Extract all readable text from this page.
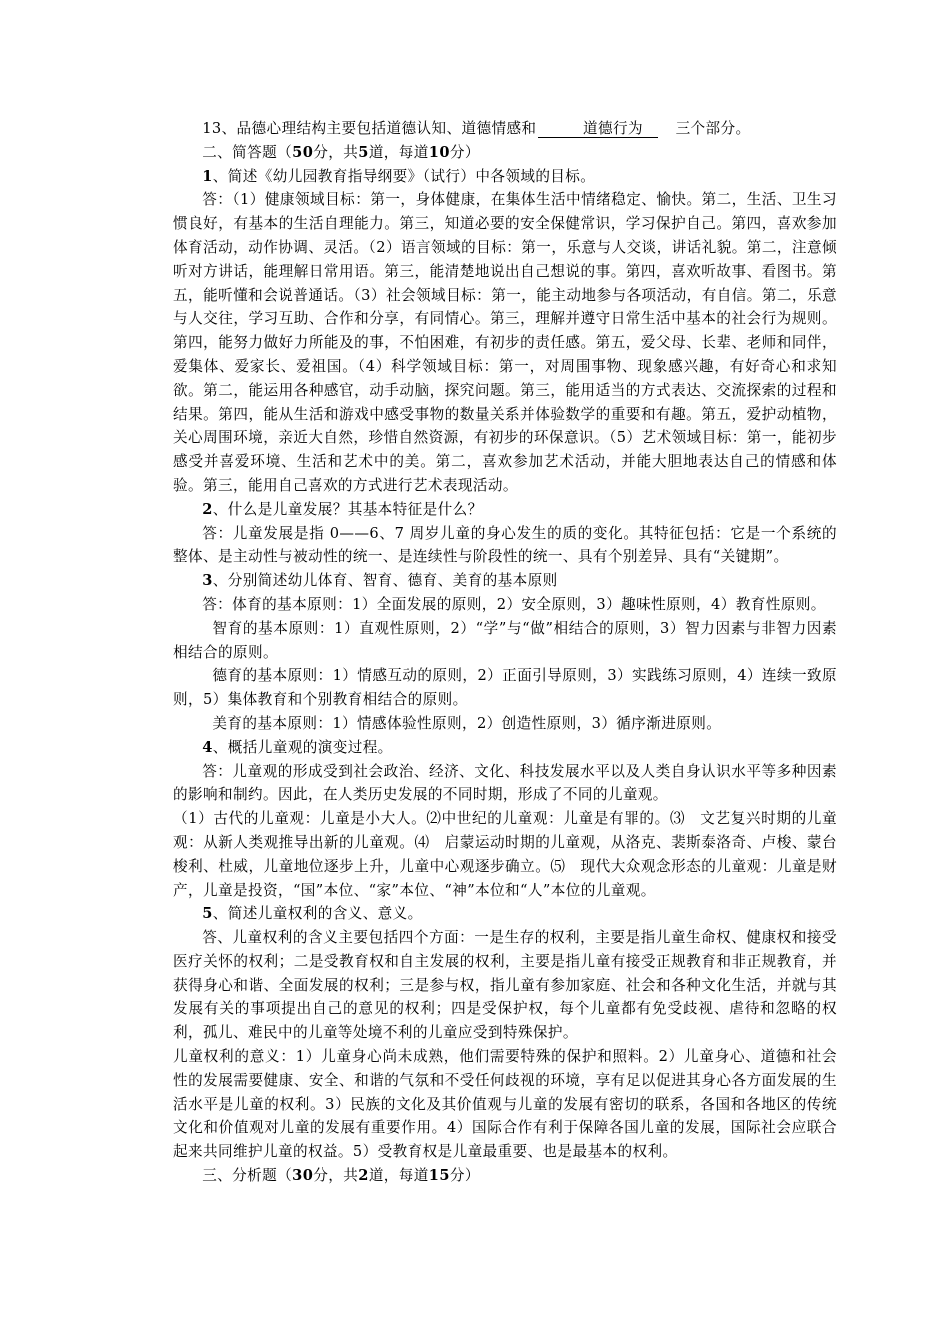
13、品德心理结构主要包括道德认知、道德情感和	道德行为 三个部分。

二、简答题（50分，共5道，每道10分）

1、简述《幼儿园教育指导纲要》（试行）中各领域的目标。

答：（1）健康领域目标：第一，身体健康，在集体生活中情绪稳定、愉快。第二，生活、卫生习惯良好，有基本的生活自理能力。第三，知道必要的安全保健常识，学习保护自己。第四，喜欢参加体育活动，动作协调、灵活。（2）语言领域的目标：第一，乐意与人交谈，讲话礼貌。第二，注意倾听对方讲话，能理解日常用语。第三，能清楚地说出自己想说的事。第四，喜欢听故事、看图书。第五，能听懂和会说普通话。（3）社会领域目标：第一，能主动地参与各项活动，有自信。第二，乐意与人交往，学习互助、合作和分享，有同情心。第三，理解并遵守日常生活中基本的社会行为规则。第四，能努力做好力所能及的事，不怕困难，有初步的责任感。第五，爱父母、长辈、老师和同伴，爱集体、爱家长、爱祖国。（4）科学领域目标：第一，对周围事物、现象感兴趣，有好奇心和求知欲。第二，能运用各种感官，动手动脑，探究问题。第三，能用适当的方式表达、交流探索的过程和结果。第四，能从生活和游戏中感受事物的数量关系并体验数学的重要和有趣。第五，爱护动植物，关心周围环境，亲近大自然，珍惜自然资源，有初步的环保意识。（5）艺术领域目标：第一，能初步感受并喜爱环境、生活和艺术中的美。第二，喜欢参加艺术活动，并能大胆地表达自己的情感和体验。第三，能用自己喜欢的方式进行艺术表现活动。

2、什么是儿童发展？其基本特征是什么？

答：儿童发展是指 0——6、7 周岁儿童的身心发生的质的变化。其特征包括：它是一个系统的整体、是主动性与被动性的统一、是连续性与阶段性的统一、具有个别差异、具有“关键期”。

3、分别简述幼儿体育、智育、德育、美育的基本原则

答：体育的基本原则：1）全面发展的原则，2）安全原则，3）趣味性原则，4）教育性原则。

智育的基本原则：1）直观性原则，2）“学”与“做”相结合的原则，3）智力因素与非智力因素相结合的原则。

德育的基本原则：1）情感互动的原则，2）正面引导原则，3）实践练习原则，4）连续一致原则，5）集体教育和个别教育相结合的原则。

美育的基本原则：1）情感体验性原则，2）创造性原则，3）循序渐进原则。

4、概括儿童观的演变过程。

答：儿童观的形成受到社会政治、经济、文化、科技发展水平以及人类自身认识水平等多种因素的影响和制约。因此，在人类历史发展的不同时期，形成了不同的儿童观。

（1）古代的儿童观：儿童是小大人。⑵中世纪的儿童观：儿童是有罪的。⑶　文艺复兴时期的儿童观：从新人类观推导出新的儿童观。⑷　启蒙运动时期的儿童观，从洛克、裴斯泰洛奇、卢梭、蒙台梭利、杜威，儿童地位逐步上升，儿童中心观逐步确立。⑸　现代大众观念形态的儿童观：儿童是财产，儿童是投资，“国”本位、“家”本位、“神”本位和“人”本位的儿童观。

5、简述儿童权利的含义、意义。

答、儿童权利的含义主要包括四个方面：一是生存的权利，主要是指儿童生命权、健康权和接受医疗关怀的权利；二是受教育权和自主发展的权利，主要是指儿童有接受正规教育和非正规教育，并获得身心和谐、全面发展的权利；三是参与权，指儿童有参加家庭、社会和各种文化生活，并就与其发展有关的事项提出自己的意见的权利；四是受保护权，每个儿童都有免受歧视、虐待和忽略的权利，孤儿、难民中的儿童等处境不利的儿童应受到特殊保护。

儿童权利的意义：1）儿童身心尚未成熟，他们需要特殊的保护和照料。2）儿童身心、道德和社会性的发展需要健康、安全、和谐的气氛和不受任何歧视的环境，享有足以促进其身心各方面发展的生活水平是儿童的权利。3）民族的文化及其价值观与儿童的发展有密切的联系，各国和各地区的传统文化和价值观对儿童的发展有重要作用。4）国际合作有利于保障各国儿童的发展，国际社会应联合起来共同维护儿童的权益。5）受教育权是儿童最重要、也是最基本的权利。

三、分析题（30分，共2道，每道15分）
